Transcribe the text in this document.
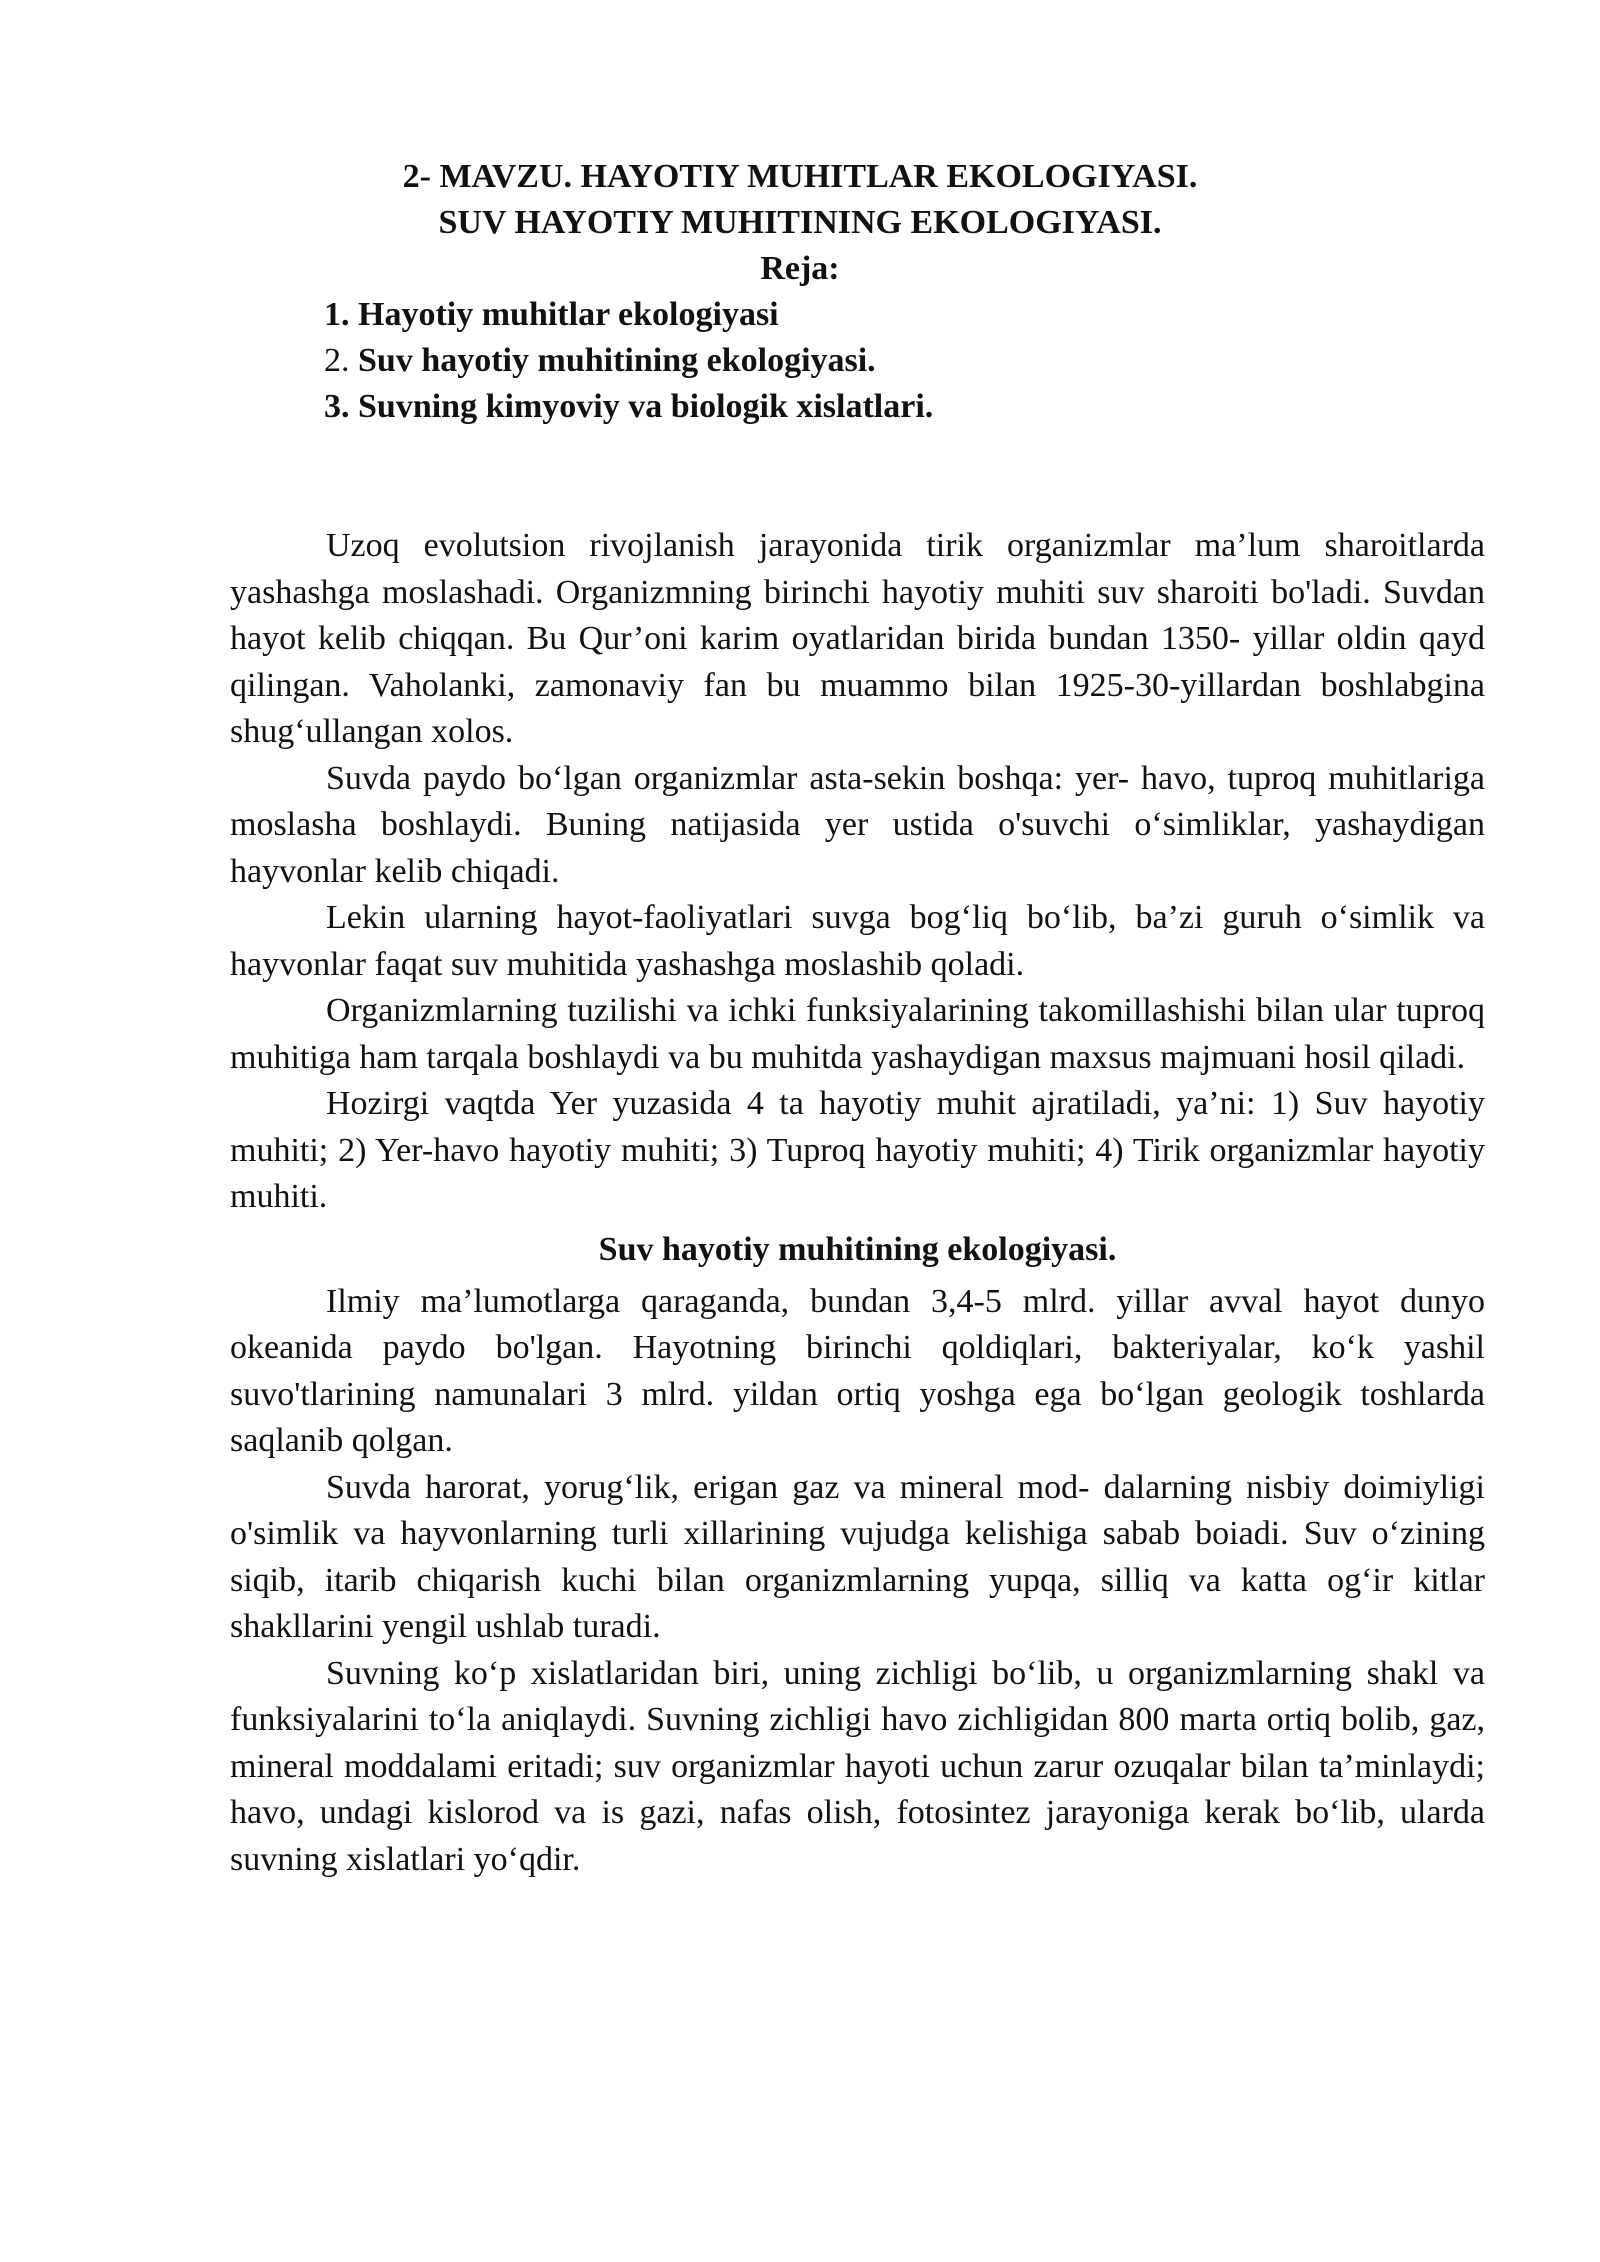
2- MAVZU. HAYOTIY MUHITLAR EKOLOGIYASI.
SUV HAYOTIY MUHITINING EKOLOGIYASI.
Reja:
1. Hayotiy muhitlar ekologiyasi
2. Suv hayotiy muhitining ekologiyasi.
3. Suvning kimyoviy va biologik xislatlari.

Uzoq evolutsion rivojlanish jarayonida tirik organizmlar ma’lum sharoitlarda yashashga moslashadi. Organizmning birinchi hayotiy muhiti suv sharoiti bo'ladi. Suvdan hayot kelib chiqqan. Bu Qur’oni karim oyatlaridan birida bundan 1350- yillar oldin qayd qilingan. Vaholanki, zamonaviy fan bu muammo bilan 1925-30-yillardan boshlabgina shug‘ullangan xolos.

Suvda paydo bo‘lgan organizmlar asta-sekin boshqa: yer- havo, tuproq muhitlariga moslasha boshlaydi. Buning natijasida yer ustida o'suvchi o‘simliklar, yashaydigan hayvonlar kelib chiqadi.

Lekin ularning hayot-faoliyatlari suvga bog‘liq bo‘lib, ba’zi guruh o‘simlik va hayvonlar faqat suv muhitida yashashga moslashib qoladi.

Organizmlarning tuzilishi va ichki funksiyalarining takomillashishi bilan ular tuproq muhitiga ham tarqala boshlaydi va bu muhitda yashaydigan maxsus majmuani hosil qiladi.

Hozirgi vaqtda Yer yuzasida 4 ta hayotiy muhit ajratiladi, ya’ni: 1) Suv hayotiy muhiti; 2) Yer-havo hayotiy muhiti; 3) Tuproq hayotiy muhiti; 4) Tirik organizmlar hayotiy muhiti.

Suv hayotiy muhitining ekologiyasi.

Ilmiy ma’lumotlarga qaraganda, bundan 3,4-5 mlrd. yillar avval hayot dunyo okeanida paydo bo'lgan. Hayotning birinchi qoldiqlari, bakteriyalar, ko‘k yashil suvo'tlarining namunalari 3 mlrd. yildan ortiq yoshga ega bo‘lgan geologik toshlarda saqlanib qolgan.

Suvda harorat, yorug‘lik, erigan gaz va mineral mod- dalarning nisbiy doimiyligi o'simlik va hayvonlarning turli xillarining vujudga kelishiga sabab boiadi. Suv o‘zining siqib, itarib chiqarish kuchi bilan organizmlarning yupqa, silliq va katta og‘ir kitlar shakllarini yengil ushlab turadi.

Suvning ko‘p xislatlaridan biri, uning zichligi bo‘lib, u organizmlarning shakl va funksiyalarini to‘la aniqlaydi. Suvning zichligi havo zichligidan 800 marta ortiq bolib, gaz, mineral moddalami eritadi; suv organizmlar hayoti uchun zarur ozuqalar bilan ta’minlaydi; havo, undagi kislorod va is gazi, nafas olish, fotosintez jarayoniga kerak bo‘lib, ularda suvning xislatlari yo‘qdir.
